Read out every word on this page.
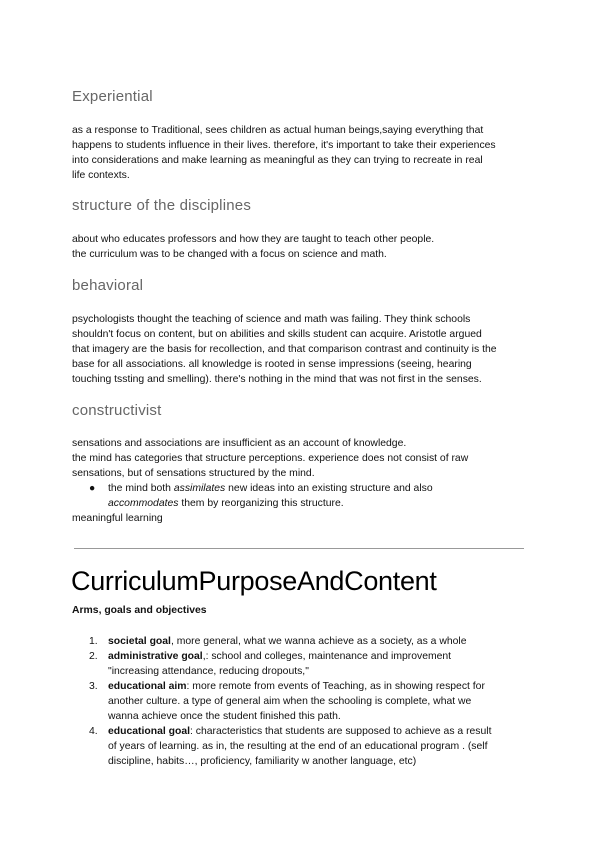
Experiential

as a response to Traditional, sees children as actual human beings,saying everything that
happens to students influence in their lives. therefore, it's important to take their experiences
into considerations and make learning as meaningful as they can trying to recreate in real
life contexts.

structure of the disciplines

about who educates professors and how they are taught to teach other people.
the curriculum was to be changed with a focus on science and math.

behavioral

psychologists thought the teaching of science and math was failing. They think schools
shouldn't focus on content, but on abilities and skills student can acquire. Aristotle argued
that imagery are the basis for recollection, and that comparison contrast and continuity is the
base for all associations. all knowledge is rooted in sense impressions (seeing, hearing
touching tssting and smelling). there's nothing in the mind that was not first in the senses.

constructivist

sensations and associations are insufficient as an account of knowledge.
the mind has categories that structure perceptions. experience does not consist of raw
sensations, but of sensations structured by the mind.

● the mind both assimilates new ideas into an existing structure and also
accommodates them by reorganizing this structure.

meaningful learning

CurriculumPurposeAndContent

Arms, goals and objectives

1. societal goal, more general, what we wanna achieve as a society, as a whole
2. administrative goal,: school and colleges, maintenance and improvement
"increasing attendance, reducing dropouts,"
3. educational aim: more remote from events of Teaching, as in showing respect for
another culture. a type of general aim when the schooling is complete, what we
wanna achieve once the student finished this path.
4. educational goal: characteristics that students are supposed to achieve as a result
of years of learning. as in, the resulting at the end of an educational program . (self
discipline, habits…, proficiency, familiarity w another language, etc)
